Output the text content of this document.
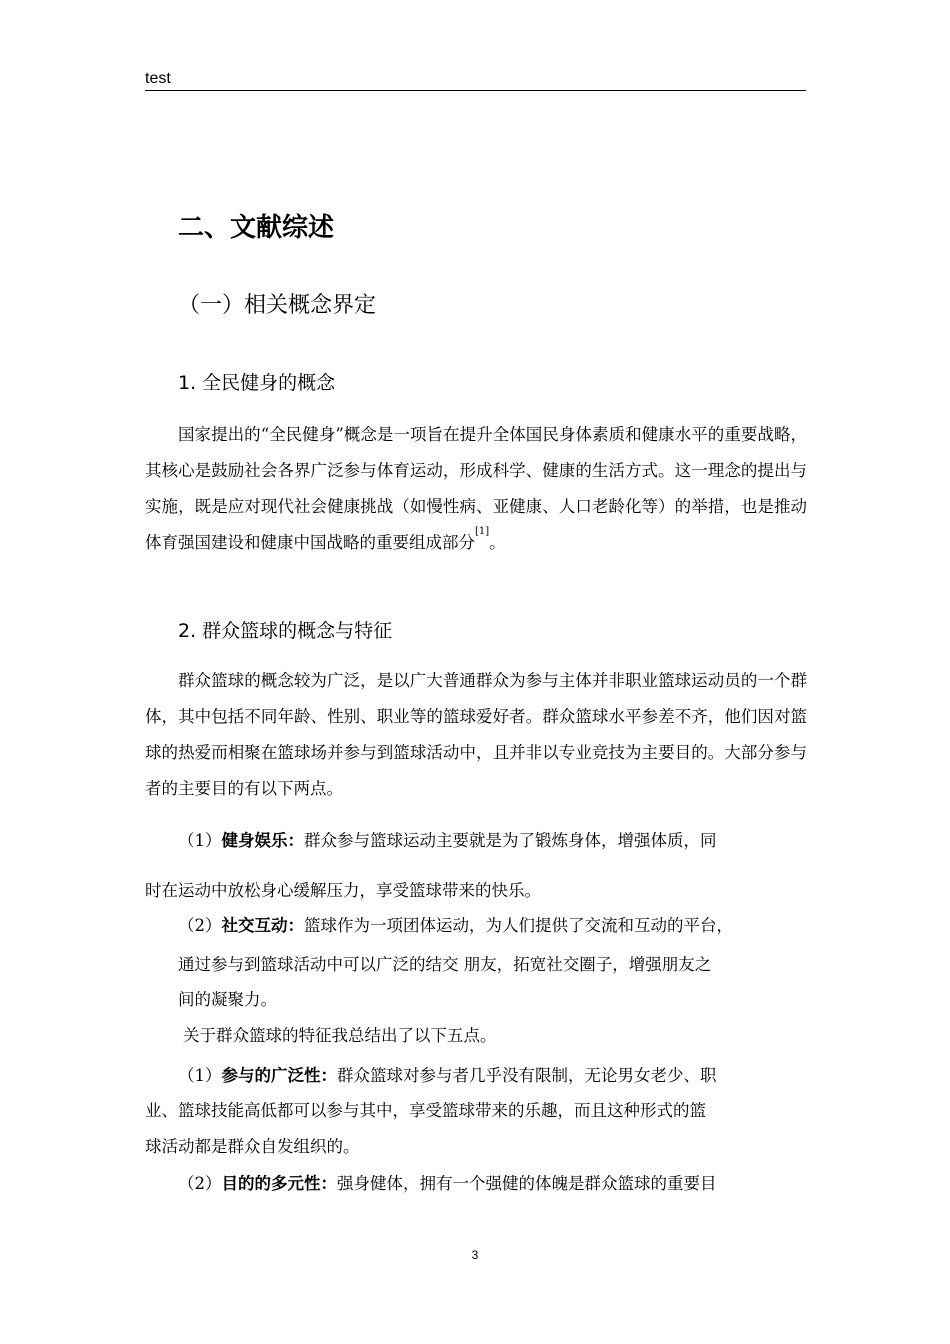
test
二、文献综述
（一）相关概念界定
1. 全民健身的概念

国家提出的“全民健身”概念是一项旨在提升全体国民身体素质和健康水平的重要战略，其核心是鼓励社会各界广泛参与体育运动，形成科学、健康的生活方式。这一理念的提出与实施，既是应对现代社会健康挑战（如慢性病、亚健康、人口老龄化等）的举措，也是推动体育强国建设和健康中国战略的重要组成部分[1]。

2. 群众篮球的概念与特征

群众篮球的概念较为广泛，是以广大普通群众为参与主体并非职业篮球运动员的一个群体，其中包括不同年龄、性别、职业等的篮球爱好者。群众篮球水平参差不齐，他们因对篮球的热爱而相聚在篮球场并参与到篮球活动中，且并非以专业竞技为主要目的。大部分参与者的主要目的有以下两点。

（1）健身娱乐：群众参与篮球运动主要就是为了锻炼身体，增强体质，同
时在运动中放松身心缓解压力，享受篮球带来的快乐。
（2）社交互动：篮球作为一项团体运动，为人们提供了交流和互动的平台，
通过参与到篮球活动中可以广泛的结交 朋友，拓宽社交圈子，增强朋友之
间的凝聚力。
关于群众篮球的特征我总结出了以下五点。
（1）参与的广泛性：群众篮球对参与者几乎没有限制，无论男女老少、职
业、篮球技能高低都可以参与其中，享受篮球带来的乐趣，而且这种形式的篮
球活动都是群众自发组织的。
（2）目的的多元性：强身健体，拥有一个强健的体魄是群众篮球的重要目
3
